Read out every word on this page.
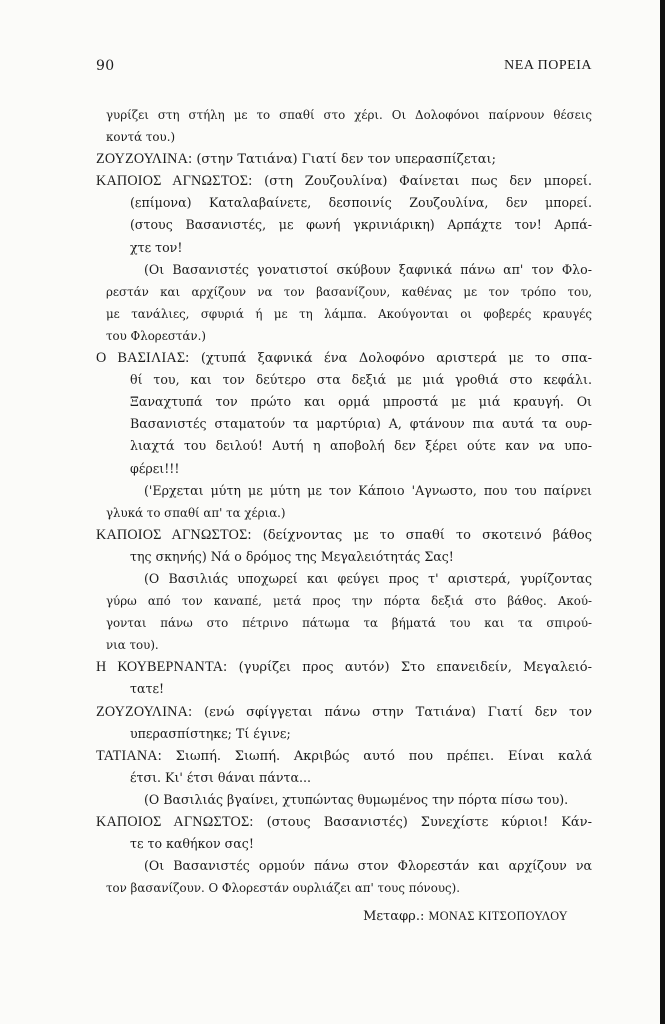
90	ΝΕΑ ΠΟΡΕΙΑ
γυρίζει στη στήλη με το σπαθί στο χέρι. Οι Δολοφόνοι παίρνουν θέσεις
κοντά του.)
ΖΟΥΖΟΥΛΙΝΑ: (στην Τατιάνα) Γιατί δεν τον υπερασπίζεται;
ΚΑΠΟΙΟΣ ΑΓΝΩΣΤΟΣ: (στη Ζουζουλίνα) Φαίνεται πως δεν μπορεί.
(επίμονα) Καταλαβαίνετε, δεσποινίς Ζουζουλίνα, δεν μπορεί.
(στους Βασανιστές, με φωνή γκρινιάρικη) Αρπάχτε τον! Αρπά-
χτε τον!
(Οι Βασανιστές γονατιστοί σκύβουν ξαφνικά πάνω απ' τον Φλο-
ρεστάν και αρχίζουν να τον βασανίζουν, καθένας με τον τρόπο του,
με τανάλιες, σφυριά ή με τη λάμπα. Ακούγονται οι φοβερές κραυγές
του Φλορεστάν.)
Ο ΒΑΣΙΛΙΑΣ: (χτυπά ξαφνικά ένα Δολοφόνο αριστερά με το σπα-
θί του, και τον δεύτερο στα δεξιά με μιά γροθιά στο κεφάλι.
Ξαναχτυπά τον πρώτο και ορμά μπροστά με μιά κραυγή. Οι
Βασανιστές σταματούν τα μαρτύρια) Α, φτάνουν πια αυτά τα ουρ-
λιαχτά του δειλού! Αυτή η αποβολή δεν ξέρει ούτε καν να υπο-
φέρει!!!
('Ερχεται μύτη με μύτη με τον Κάποιο 'Αγνωστο, που του παίρνει
γλυκά το σπαθί απ' τα χέρια.)
ΚΑΠΟΙΟΣ ΑΓΝΩΣΤΟΣ: (δείχνοντας με το σπαθί το σκοτεινό βάθος
της σκηνής) Νά ο δρόμος της Μεγαλειότητάς Σας!
(Ο Βασιλιάς υποχωρεί και φεύγει προς τ' αριστερά, γυρίζοντας
γύρω από τον καναπέ, μετά προς την πόρτα δεξιά στο βάθος. Ακού-
γονται πάνω στο πέτρινο πάτωμα τα βήματά του και τα σπιρού-
νια του).
Η ΚΟΥΒΕΡΝΑΝΤΑ: (γυρίζει προς αυτόν) Στο επανειδείν, Μεγαλειό-
τατε!
ΖΟΥΖΟΥΛΙΝΑ: (ενώ σφίγγεται πάνω στην Τατιάνα) Γιατί δεν τον
υπερασπίστηκε; Τί έγινε;
ΤΑΤΙΑΝΑ: Σιωπή. Σιωπή. Ακριβώς αυτό που πρέπει. Είναι καλά
έτσι. Κι' έτσι θάναι πάντα...
(Ο Βασιλιάς βγαίνει, χτυπώντας θυμωμένος την πόρτα πίσω του).
ΚΑΠΟΙΟΣ ΑΓΝΩΣΤΟΣ: (στους Βασανιστές) Συνεχίστε κύριοι! Κάν-
τε το καθήκον σας!
(Οι Βασανιστές ορμούν πάνω στον Φλορεστάν και αρχίζουν να
τον βασανίζουν. Ο Φλορεστάν ουρλιάζει απ' τους πόνους).
Μεταφρ.: ΜΟΝΑΣ ΚΙΤΣΟΠΟΥΛΟΥ
